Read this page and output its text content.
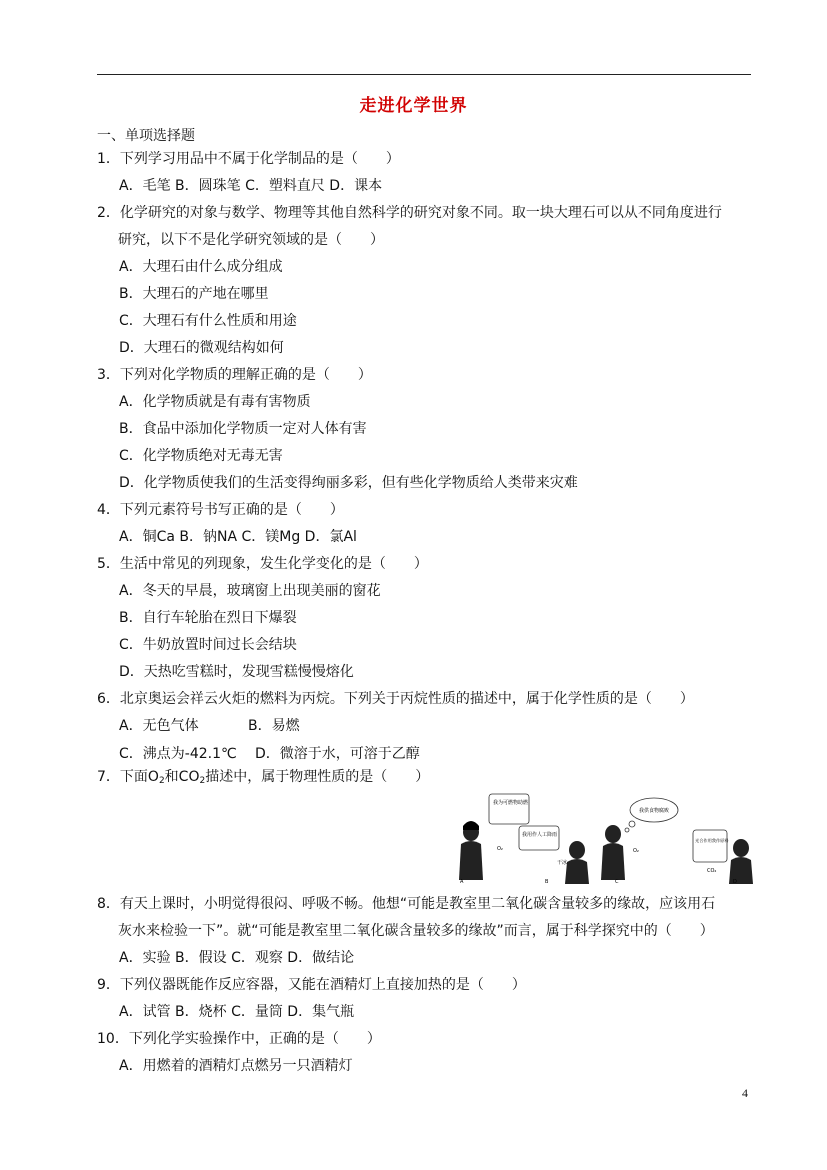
走进化学世界
一、单项选择题
1．下列学习用品中不属于化学制品的是（　　）
A．毛笔 B．圆珠笔 C．塑料直尺 D．课本
2．化学研究的对象与数学、物理等其他自然科学的研究对象不同。取一块大理石可以从不同角度进行
研究，以下不是化学研究领域的是（　　）
A．大理石由什么成分组成
B．大理石的产地在哪里
C．大理石有什么性质和用途
D．大理石的微观结构如何
3．下列对化学物质的理解正确的是（　　）
A．化学物质就是有毒有害物质
B．食品中添加化学物质一定对人体有害
C．化学物质绝对无毒无害
D．化学物质使我们的生活变得绚丽多彩，但有些化学物质给人类带来灾难
4．下列元素符号书写正确的是（　　）
A．铜Ca B．钠NA C．镁Mg D．氯Al
5．生活中常见的列现象，发生化学变化的是（　　）
A．冬天的早晨，玻璃窗上出现美丽的窗花
B．自行车轮胎在烈日下爆裂
C．牛奶放置时间过长会结块
D．天热吃雪糕时，发现雪糕慢慢熔化
6．北京奥运会祥云火炬的燃料为丙烷。下列关于丙烷性质的描述中，属于化学性质的是（　　）
A．无色气体	B．易燃
C．沸点为-42.1℃ D．微溶于水，可溶于乙醇
7．下面$O_2$和$CO_2$描述中，属于物理性质的是（　　）
我为可燃物助燃
我用作人工降雨
我供食物腐败
光合作用我作原料
O₂
干冰
O₂
CO₂
A	B	C	D
8．有天上课时，小明觉得很闷、呼吸不畅。他想“可能是教室里二氧化碳含量较多的缘故，应该用石
灰水来检验一下”。就“可能是教室里二氧化碳含量较多的缘故”而言，属于科学探究中的（　　）
A．实验 B．假设 C．观察 D．做结论
9．下列仪器既能作反应容器，又能在酒精灯上直接加热的是（　　）
A．试管 B．烧杯 C．量筒 D．集气瓶
10．下列化学实验操作中，正确的是（　　）
A．用燃着的酒精灯点燃另一只酒精灯
4
